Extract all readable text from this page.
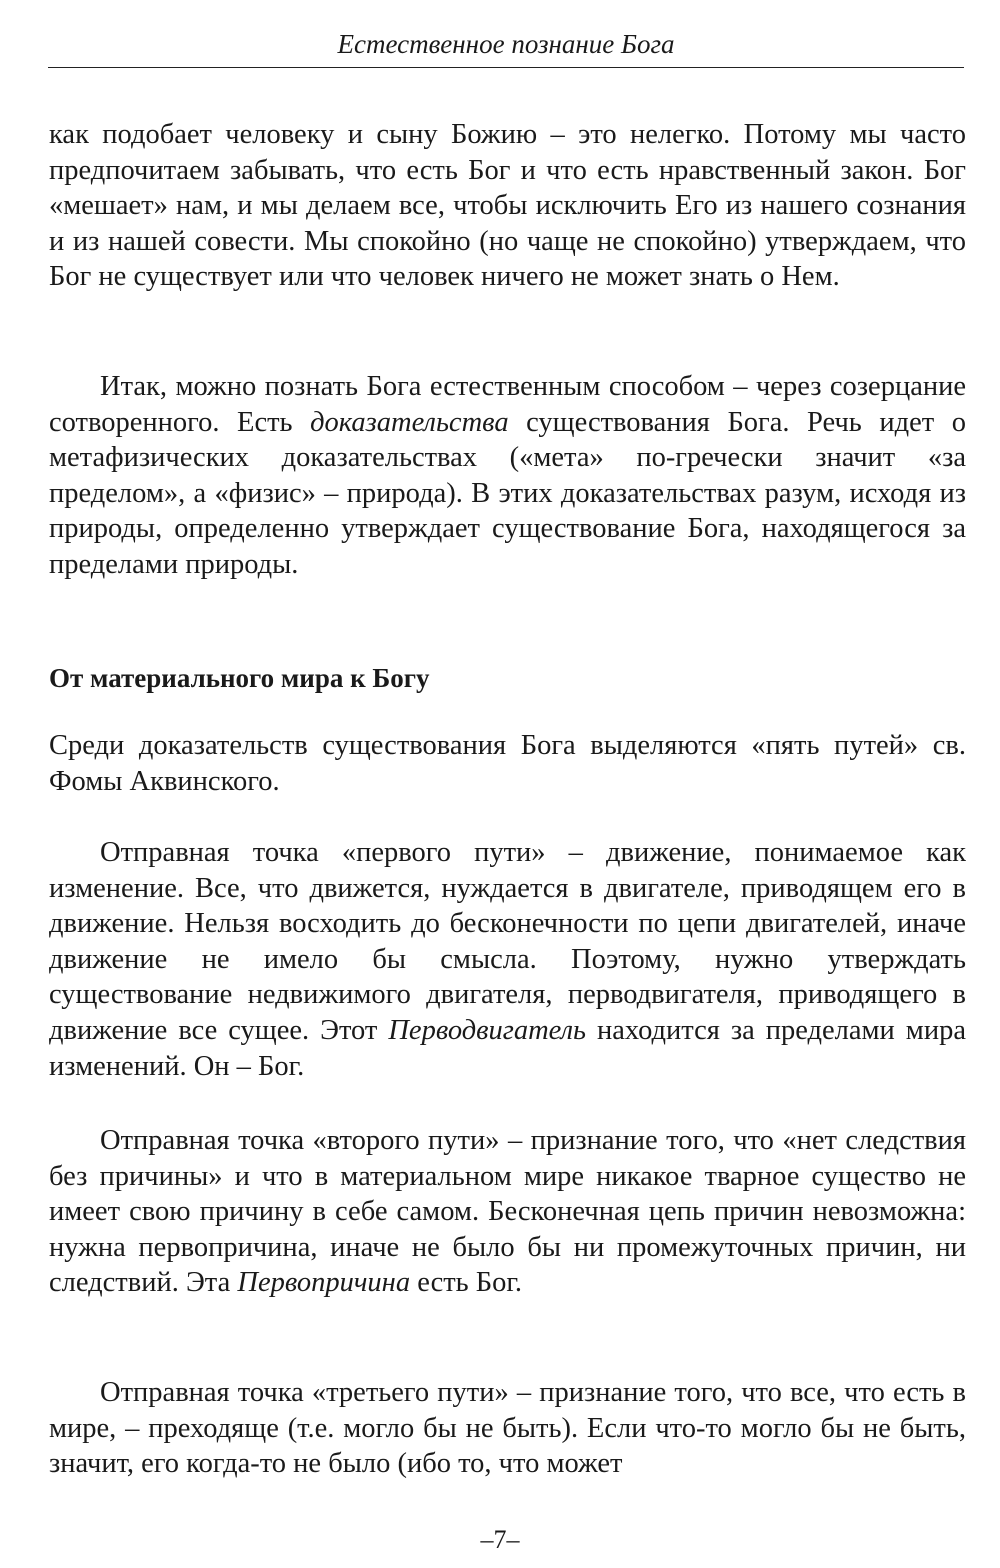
Естественное познание Бога

как подобает человеку и сыну Божию – это нелегко. Потому мы часто предпочитаем забывать, что есть Бог и что есть нравственный закон. Бог «мешает» нам, и мы делаем все, чтобы исключить Его из нашего сознания и из нашей совести. Мы спокойно (но чаще не спокойно) утверждаем, что Бог не существует или что человек ничего не может знать о Нем.

Итак, можно познать Бога естественным способом – через созерцание сотворенного. Есть доказательства существования Бога. Речь идет о метафизических доказательствах («мета» по-гречески значит «за пределом», а «физис» – природа). В этих доказательствах разум, исходя из природы, определенно утверждает существование Бога, находящегося за пределами природы.

От материального мира к Богу

Среди доказательств существования Бога выделяются «пять путей» св. Фомы Аквинского.

Отправная точка «первого пути» – движение, понимаемое как изменение. Все, что движется, нуждается в двигателе, приводящем его в движение. Нельзя восходить до бесконечности по цепи двигателей, иначе движение не имело бы смысла. Поэтому, нужно утверждать существование недвижимого двигателя, перводвигателя, приводящего в движение все сущее. Этот Перводвигатель находится за пределами мира изменений. Он – Бог.

Отправная точка «второго пути» – признание того, что «нет следствия без причины» и что в материальном мире никакое тварное существо не имеет свою причину в себе самом. Бесконечная цепь причин невозможна: нужна первопричина, иначе не было бы ни промежуточных причин, ни следствий. Эта Первопричина есть Бог.

Отправная точка «третьего пути» – признание того, что все, что есть в мире, – преходяще (т.е. могло бы не быть). Если что-то могло бы не быть, значит, его когда-то не было (ибо то, что может

–7–
